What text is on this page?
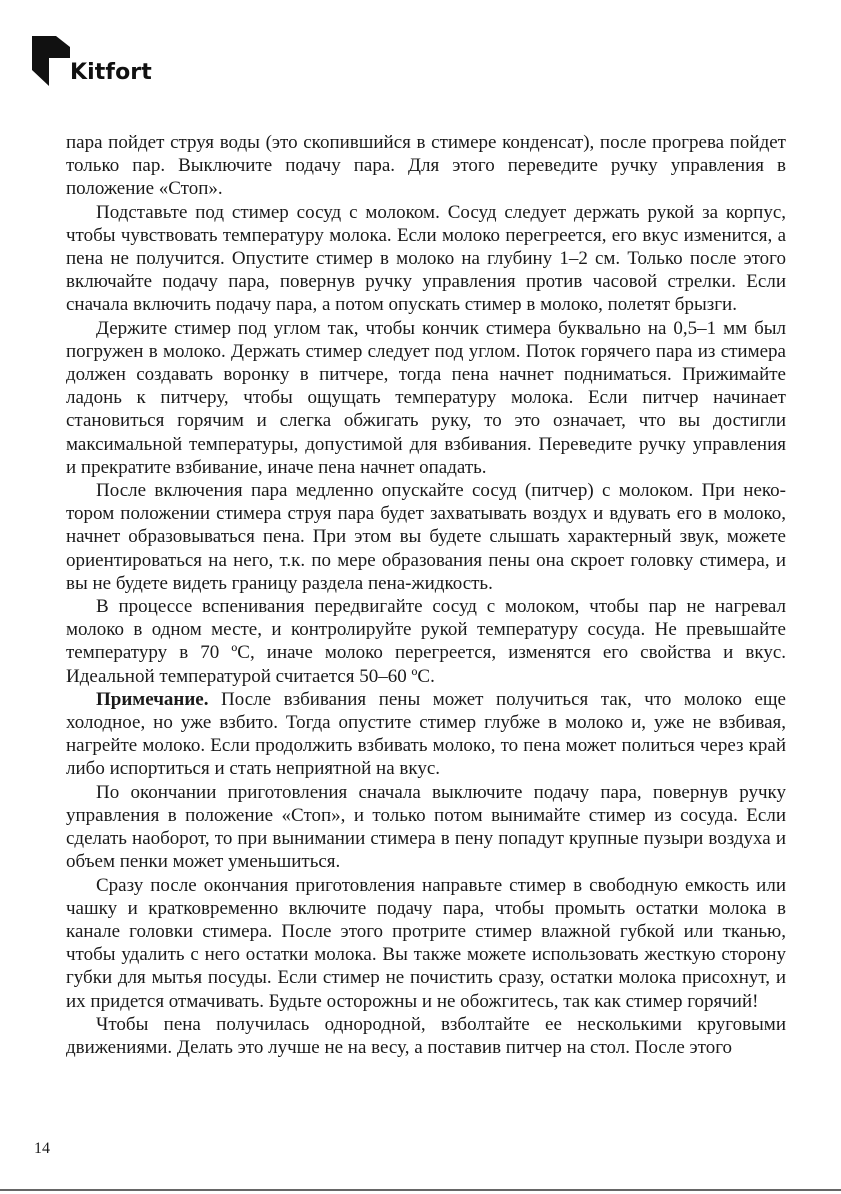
Kitfort

пара пойдет струя воды (это скопившийся в стимере конденсат), после прогрева пойдет только пар. Выключите подачу пара. Для этого переведите ручку управления в положение «Стоп».

Подставьте под стимер сосуд с молоком. Сосуд следует держать рукой за корпус, чтобы чувствовать температуру молока. Если молоко перегреется, его вкус изменится, а пена не получится. Опустите стимер в молоко на глубину 1–2 см. Только после этого включайте подачу пара, повернув ручку управления против часовой стрелки. Если сначала включить подачу пара, а потом опускать стимер в молоко, полетят брызги.

Держите стимер под углом так, чтобы кончик стимера буквально на 0,5–1 мм был погружен в молоко. Держать стимер следует под углом. Поток горячего пара из стимера должен создавать воронку в питчере, тогда пена начнет подниматься. Прижимайте ладонь к питчеру, чтобы ощущать температуру молока. Если питчер начинает становиться горячим и слегка обжигать руку, то это означает, что вы достигли максимальной температуры, допустимой для взбивания. Переведите ручку управления и прекратите взбивание, иначе пена начнет опадать.

После включения пара медленно опускайте сосуд (питчер) с молоком. При некотором положении стимера струя пара будет захватывать воздух и вдувать его в молоко, начнет образовываться пена. При этом вы будете слышать характерный звук, можете ориентироваться на него, т.к. по мере образования пены она скроет головку стимера, и вы не будете видеть границу раздела пена-жидкость.

В процессе вспенивания передвигайте сосуд с молоком, чтобы пар не нагревал молоко в одном месте, и контролируйте рукой температуру сосуда. Не превышайте температуру в 70 ºС, иначе молоко перегреется, изменятся его свойства и вкус. Идеальной температурой считается 50–60 ºС.

Примечание. После взбивания пены может получиться так, что молоко еще холодное, но уже взбито. Тогда опустите стимер глубже в молоко и, уже не взбивая, нагрейте молоко. Если продолжить взбивать молоко, то пена может политься через край либо испортиться и стать неприятной на вкус.

По окончании приготовления сначала выключите подачу пара, повернув ручку управления в положение «Стоп», и только потом вынимайте стимер из сосуда. Если сделать наоборот, то при вынимании стимера в пену попадут крупные пузыри воздуха и объем пенки может уменьшиться.

Сразу после окончания приготовления направьте стимер в свободную емкость или чашку и кратковременно включите подачу пара, чтобы промыть остатки молока в канале головки стимера. После этого протрите стимер влажной губкой или тканью, чтобы удалить с него остатки молока. Вы также можете использовать жесткую сторону губки для мытья посуды. Если стимер не почистить сразу, остатки молока присохнут, и их придется отмачивать. Будьте осторожны и не обожгитесь, так как стимер горячий!

Чтобы пена получилась однородной, взболтайте ее несколькими круговыми движениями. Делать это лучше не на весу, а поставив питчер на стол. После этого

14
